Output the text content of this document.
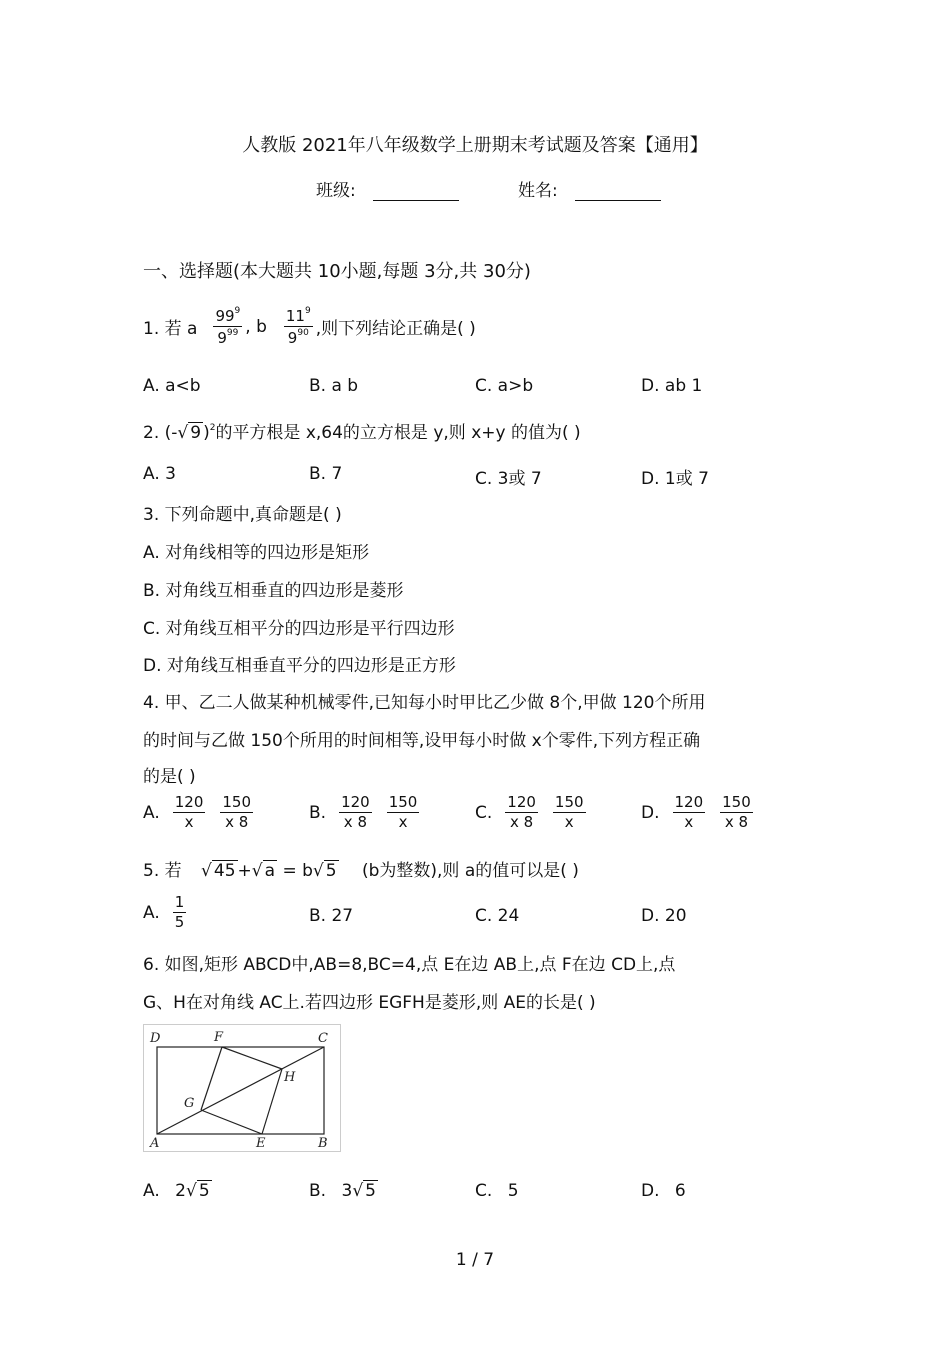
人教版 2021年八年级数学上册期末考试题及答案【通用】
班级:	姓名:
一、选择题(本大题共 10小题,每题 3分,共 30分)
1. 若 a $\frac{99^9}{9^{99}}$ , b $\frac{11^9}{9^{90}}$ ,则下列结论正确是( )
A. a<b	B. a b	C. a>b	D. ab 1
2. (-√ 9 )$^2$的平方根是 x,64的立方根是 y,则 x+y 的值为( )
A. 3	B. 7	C. 3或 7	D. 1或 7
3. 下列命题中,真命题是( )
A. 对角线相等的四边形是矩形
B. 对角线互相垂直的四边形是菱形
C. 对角线互相平分的四边形是平行四边形
D. 对角线互相垂直平分的四边形是正方形
4. 甲、乙二人做某种机械零件,已知每小时甲比乙少做 8个,甲做 120个所用
的时间与乙做 150个所用的时间相等,设甲每小时做 x个零件,下列方程正确
的是( )
A. $\frac{120}{x} \frac{150}{x 8}$	B. $\frac{120}{x 8} \frac{150}{x}$	C. $\frac{120}{x 8} \frac{150}{x}$	D. $\frac{120}{x} \frac{150}{x 8}$
5. 若 √ 45 +√ a = b√ 5 (b为整数),则 a的值可以是( )
A. $\frac{1}{5}$	B. 27	C. 24	D. 20
6. 如图,矩形 ABCD中,AB=8,BC=4,点 E在边 AB上,点 F在边 CD上,点
G、H在对角线 AC上.若四边形 EGFH是菱形,则 AE的长是( )
D	F	C
H
G
A	E	B
A. 2√ 5	B. 3√ 5	C. 5	D. 6
1 / 7
